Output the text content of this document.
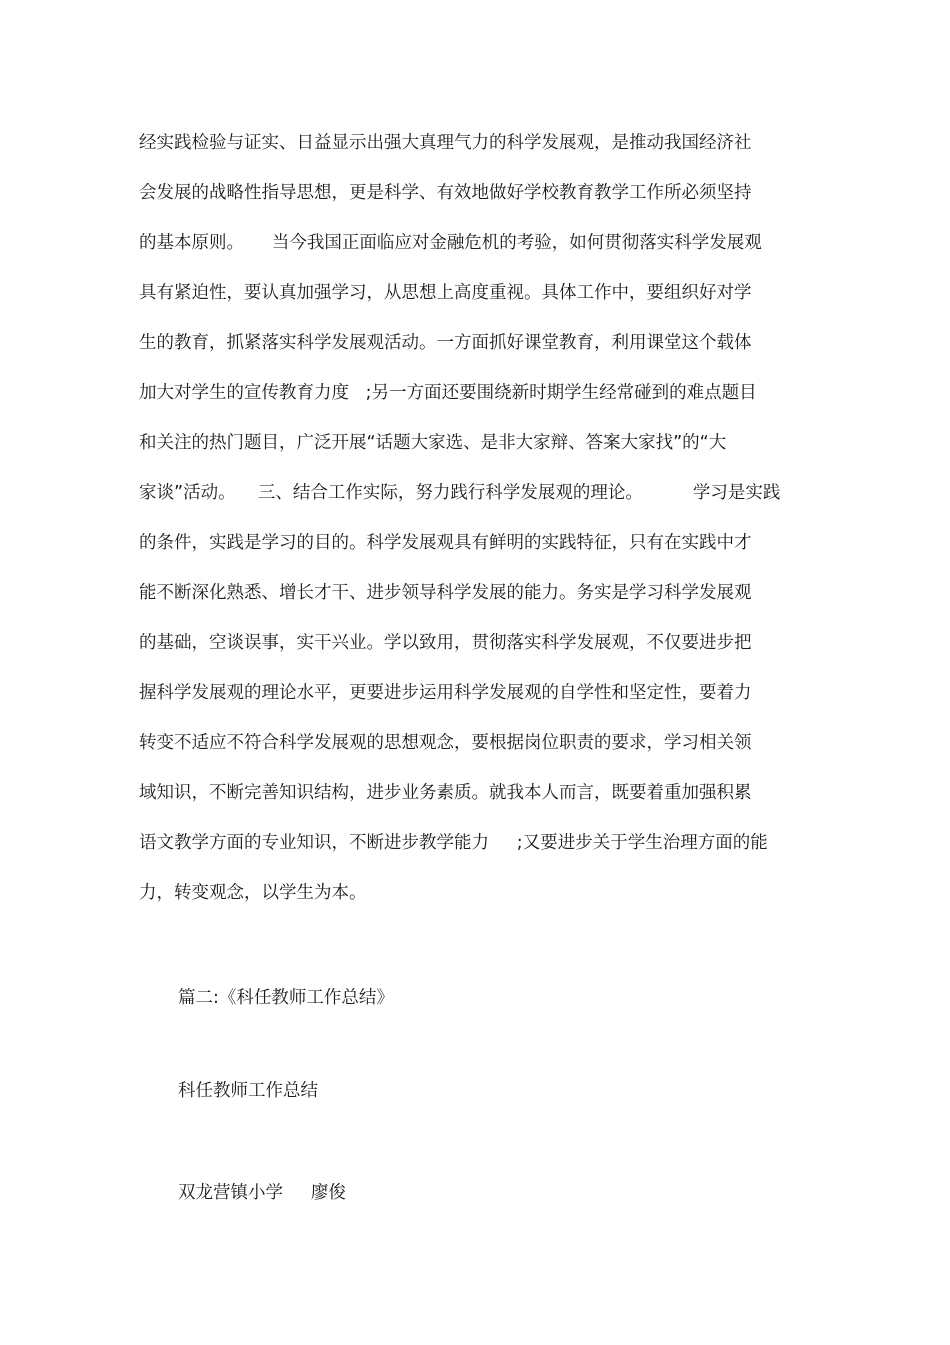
经实践检验与证实、日益显示出强大真理气力的科学发展观，是推动我国经济社
会发展的战略性指导思想，更是科学、有效地做好学校教育教学工作所必须坚持
的基本原则。     当今我国正面临应对金融危机的考验，如何贯彻落实科学发展观
具有紧迫性，要认真加强学习，从思想上高度重视。具体工作中，要组织好对学
生的教育，抓紧落实科学发展观活动。一方面抓好课堂教育，利用课堂这个载体
加大对学生的宣传教育力度   ;另一方面还要围绕新时期学生经常碰到的难点题目
和关注的热门题目，广泛开展“话题大家选、是非大家辩、答案大家找”的“大
家谈”活动。    三、结合工作实际，努力践行科学发展观的理论。         学习是实践
的条件，实践是学习的目的。科学发展观具有鲜明的实践特征，只有在实践中才
能不断深化熟悉、增长才干、进步领导科学发展的能力。务实是学习科学发展观
的基础，空谈误事，实干兴业。学以致用，贯彻落实科学发展观，不仅要进步把
握科学发展观的理论水平，更要进步运用科学发展观的自学性和坚定性，要着力
转变不适应不符合科学发展观的思想观念，要根据岗位职责的要求，学习相关领
域知识，不断完善知识结构，进步业务素质。就我本人而言，既要着重加强积累
语文教学方面的专业知识，不断进步教学能力     ;又要进步关于学生治理方面的能
力，转变观念，以学生为本。
篇二:《科任教师工作总结》
科任教师工作总结
双龙营镇小学     廖俊
